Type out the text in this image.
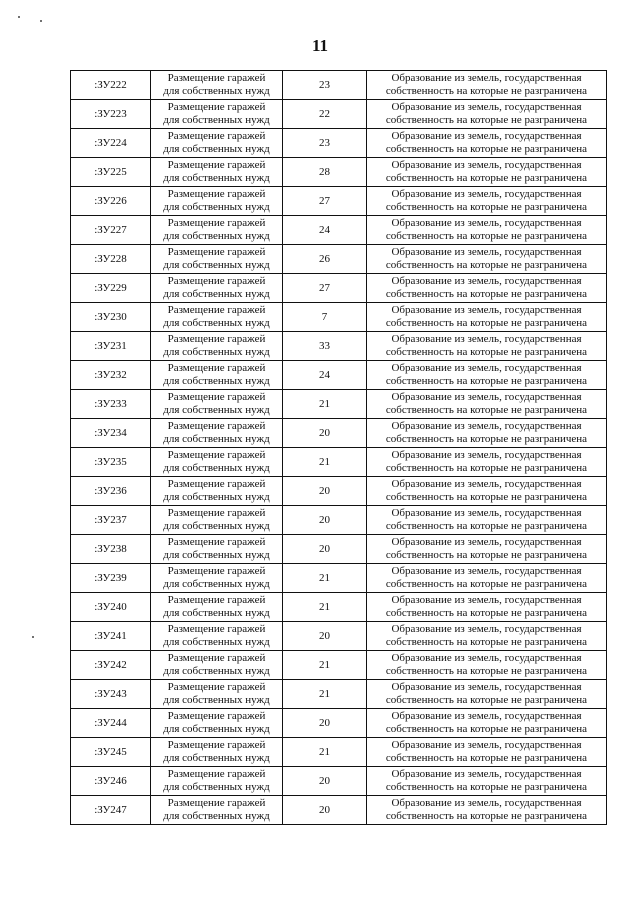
11
:ЗУ222	Размещение гаражей
для собственных нужд	23	Образование из земель, государственная
собственность на которые не разграничена

:ЗУ223	Размещение гаражей
для собственных нужд	22	Образование из земель, государственная
собственность на которые не разграничена

:ЗУ224	Размещение гаражей
для собственных нужд	23	Образование из земель, государственная
собственность на которые не разграничена

:ЗУ225	Размещение гаражей
для собственных нужд	28	Образование из земель, государственная
собственность на которые не разграничена

:ЗУ226	Размещение гаражей
для собственных нужд	27	Образование из земель, государственная
собственность на которые не разграничена

:ЗУ227	Размещение гаражей
для собственных нужд	24	Образование из земель, государственная
собственность на которые не разграничена

:ЗУ228	Размещение гаражей
для собственных нужд	26	Образование из земель, государственная
собственность на которые не разграничена

:ЗУ229	Размещение гаражей
для собственных нужд	27	Образование из земель, государственная
собственность на которые не разграничена

:ЗУ230	Размещение гаражей
для собственных нужд	7	Образование из земель, государственная
собственность на которые не разграничена

:ЗУ231	Размещение гаражей
для собственных нужд	33	Образование из земель, государственная
собственность на которые не разграничена

:ЗУ232	Размещение гаражей
для собственных нужд	24	Образование из земель, государственная
собственность на которые не разграничена

:ЗУ233	Размещение гаражей
для собственных нужд	21	Образование из земель, государственная
собственность на которые не разграничена

:ЗУ234	Размещение гаражей
для собственных нужд	20	Образование из земель, государственная
собственность на которые не разграничена

:ЗУ235	Размещение гаражей
для собственных нужд	21	Образование из земель, государственная
собственность на которые не разграничена

:ЗУ236	Размещение гаражей
для собственных нужд	20	Образование из земель, государственная
собственность на которые не разграничена

:ЗУ237	Размещение гаражей
для собственных нужд	20	Образование из земель, государственная
собственность на которые не разграничена

:ЗУ238	Размещение гаражей
для собственных нужд	20	Образование из земель, государственная
собственность на которые не разграничена

:ЗУ239	Размещение гаражей
для собственных нужд	21	Образование из земель, государственная
собственность на которые не разграничена

:ЗУ240	Размещение гаражей
для собственных нужд	21	Образование из земель, государственная
собственность на которые не разграничена

:ЗУ241	Размещение гаражей
для собственных нужд	20	Образование из земель, государственная
собственность на которые не разграничена

:ЗУ242	Размещение гаражей
для собственных нужд	21	Образование из земель, государственная
собственность на которые не разграничена

:ЗУ243	Размещение гаражей
для собственных нужд	21	Образование из земель, государственная
собственность на которые не разграничена

:ЗУ244	Размещение гаражей
для собственных нужд	20	Образование из земель, государственная
собственность на которые не разграничена

:ЗУ245	Размещение гаражей
для собственных нужд	21	Образование из земель, государственная
собственность на которые не разграничена

:ЗУ246	Размещение гаражей
для собственных нужд	20	Образование из земель, государственная
собственность на которые не разграничена

:ЗУ247	Размещение гаражей
для собственных нужд	20	Образование из земель, государственная
собственность на которые не разграничена
